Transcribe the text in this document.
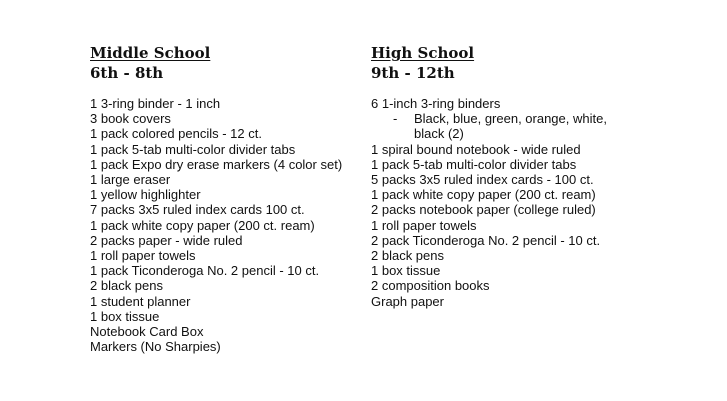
Middle School
6th - 8th
1 3-ring binder - 1 inch
3 book covers
1 pack colored pencils - 12 ct.
1 pack 5-tab multi-color divider tabs
1 pack Expo dry erase markers (4 color set)
1 large eraser
1 yellow highlighter
7 packs 3x5 ruled index cards 100 ct.
1 pack white copy paper (200 ct. ream)
2 packs paper - wide ruled
1 roll paper towels
1 pack Ticonderoga No. 2 pencil - 10 ct.
2 black pens
1 student planner
1 box tissue
Notebook Card Box
Markers (No Sharpies)
High School
9th - 12th
6 1-inch 3-ring binders
-	Black, blue, green, orange, white, black (2)
1 spiral bound notebook - wide ruled
1 pack 5-tab multi-color divider tabs
5 packs 3x5 ruled index cards - 100 ct.
1 pack white copy paper (200 ct. ream)
2 packs notebook paper (college ruled)
1 roll paper towels
2 pack Ticonderoga No. 2 pencil - 10 ct.
2 black pens
1 box tissue
2 composition books
Graph paper
